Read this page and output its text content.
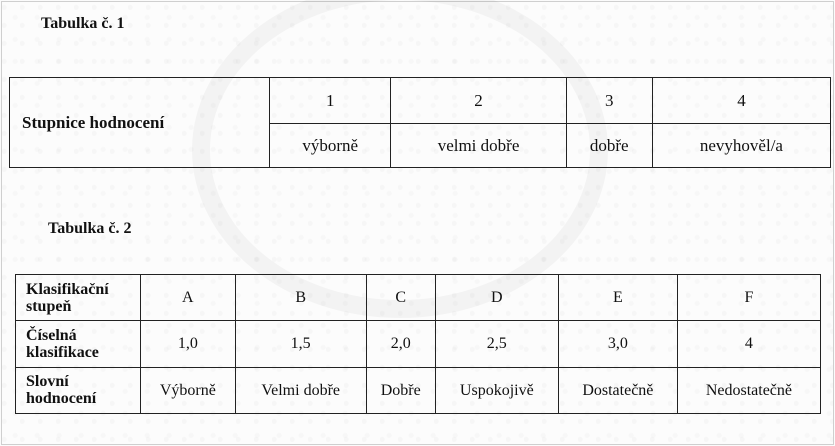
Tabulka č. 1
Stupnice hodnocení	1	2	3	4
	výborně	velmi dobře	dobře	nevyhověl/a
Tabulka č. 2
Klasifikační stupeň	A	B	C	D	E	F
Číselná klasifikace	1,0	1,5	2,0	2,5	3,0	4
Slovní hodnocení	Výborně	Velmi dobře	Dobře	Uspokojivě	Dostatečně	Nedostatečně
